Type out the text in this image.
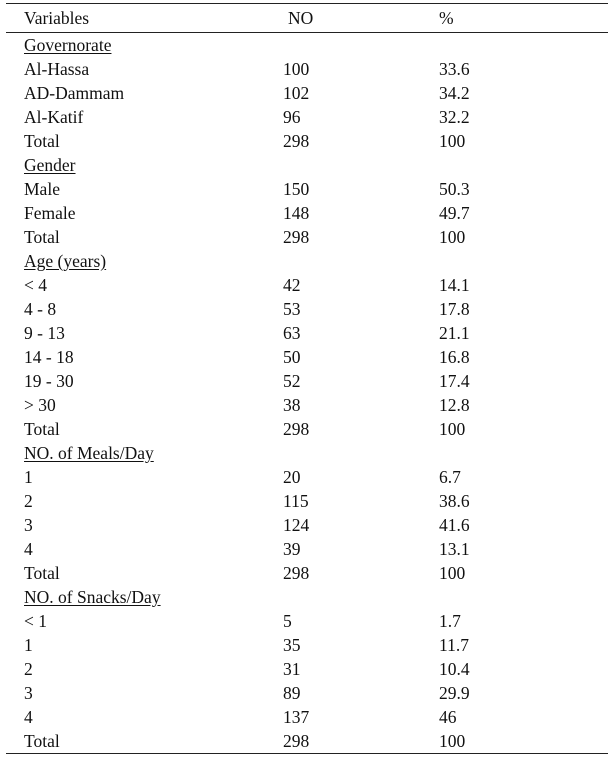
Variables	NO	%
Governorate
Al-Hassa	100	33.6
AD-Dammam	102	34.2
Al-Katif	96	32.2
Total	298	100
Gender
Male	150	50.3
Female	148	49.7
Total	298	100
Age (years)
< 4	42	14.1
4 - 8	53	17.8
9 - 13	63	21.1
14 - 18	50	16.8
19 - 30	52	17.4
> 30	38	12.8
Total	298	100
NO. of Meals/Day
1	20	6.7
2	115	38.6
3	124	41.6
4	39	13.1
Total	298	100
NO. of Snacks/Day
< 1	5	1.7
1	35	11.7
2	31	10.4
3	89	29.9
4	137	46
Total	298	100
